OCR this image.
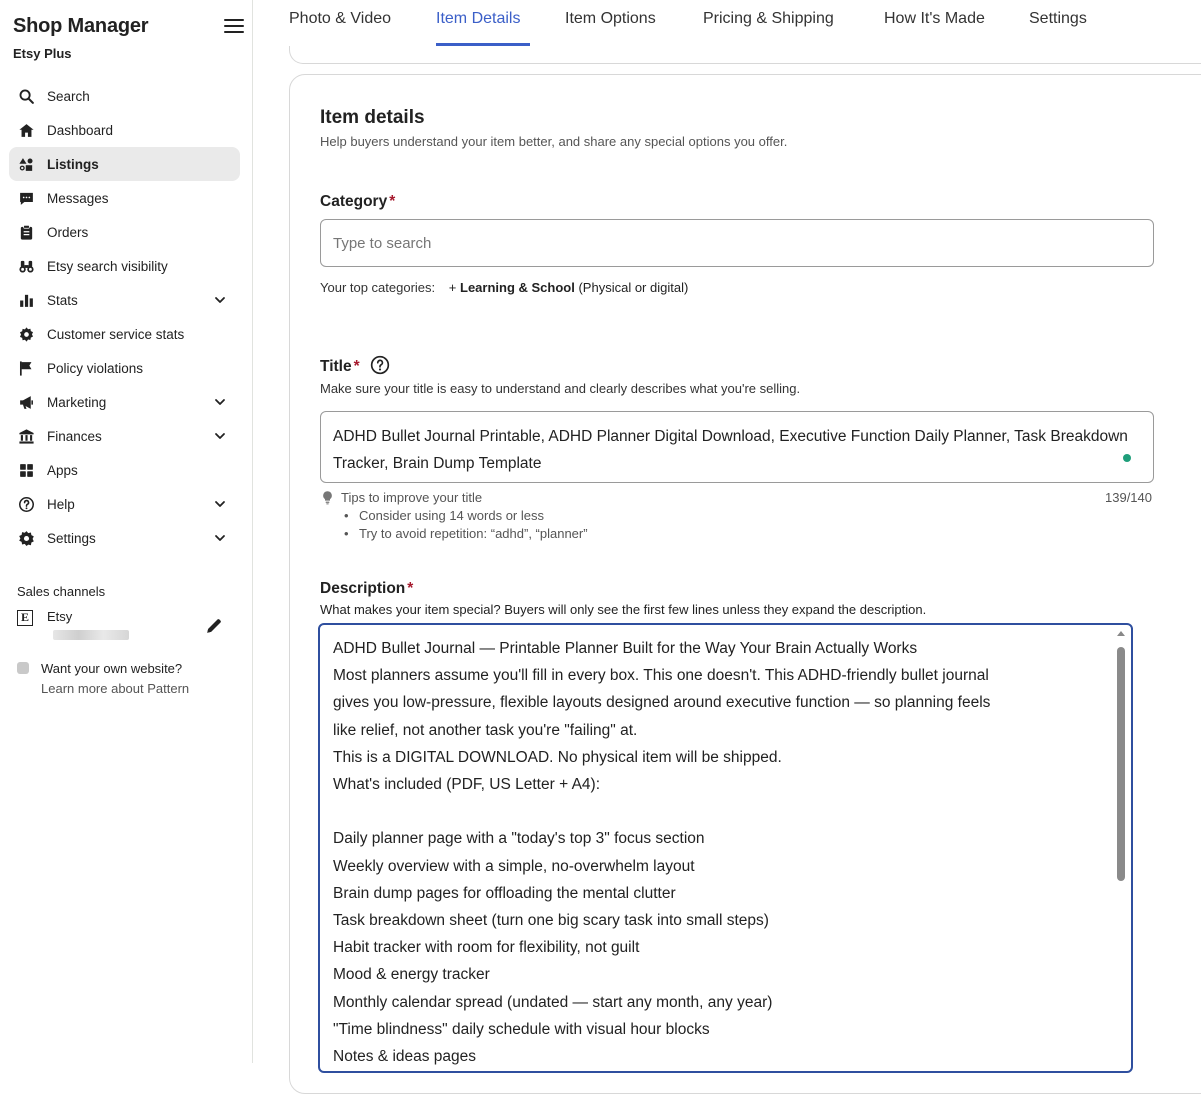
Shop Manager
Etsy Plus
Search
Dashboard
Listings
Messages
Orders
Etsy search visibility
Stats
Customer service stats
Policy violations
Marketing
Finances
Apps
Help
Settings
Sales channels
E	Etsy
Want your own website?
Learn more about Pattern
Photo & Video	Item Details	Item Options	Pricing & Shipping	How It's Made	Settings
Item details
Help buyers understand your item better, and share any special options you offer.
Category *
Type to search
Your top categories: + Learning & School (Physical or digital)
Title *
Make sure your title is easy to understand and clearly describes what you're selling.
ADHD Bullet Journal Printable, ADHD Planner Digital Download, Executive Function Daily Planner, Task Breakdown Tracker, Brain Dump Template
Tips to improve your title
• Consider using 14 words or less
• Try to avoid repetition: “adhd”, “planner”
139/140
Description *
What makes your item special? Buyers will only see the first few lines unless they expand the description.
ADHD Bullet Journal — Printable Planner Built for the Way Your Brain Actually Works
Most planners assume you'll fill in every box. This one doesn't. This ADHD-friendly bullet journal
gives you low-pressure, flexible layouts designed around executive function — so planning feels
like relief, not another task you're "failing" at.
This is a DIGITAL DOWNLOAD. No physical item will be shipped.
What's included (PDF, US Letter + A4):
Daily planner page with a "today's top 3" focus section
Weekly overview with a simple, no-overwhelm layout
Brain dump pages for offloading the mental clutter
Task breakdown sheet (turn one big scary task into small steps)
Habit tracker with room for flexibility, not guilt
Mood & energy tracker
Monthly calendar spread (undated — start any month, any year)
"Time blindness" daily schedule with visual hour blocks
Notes & ideas pages
